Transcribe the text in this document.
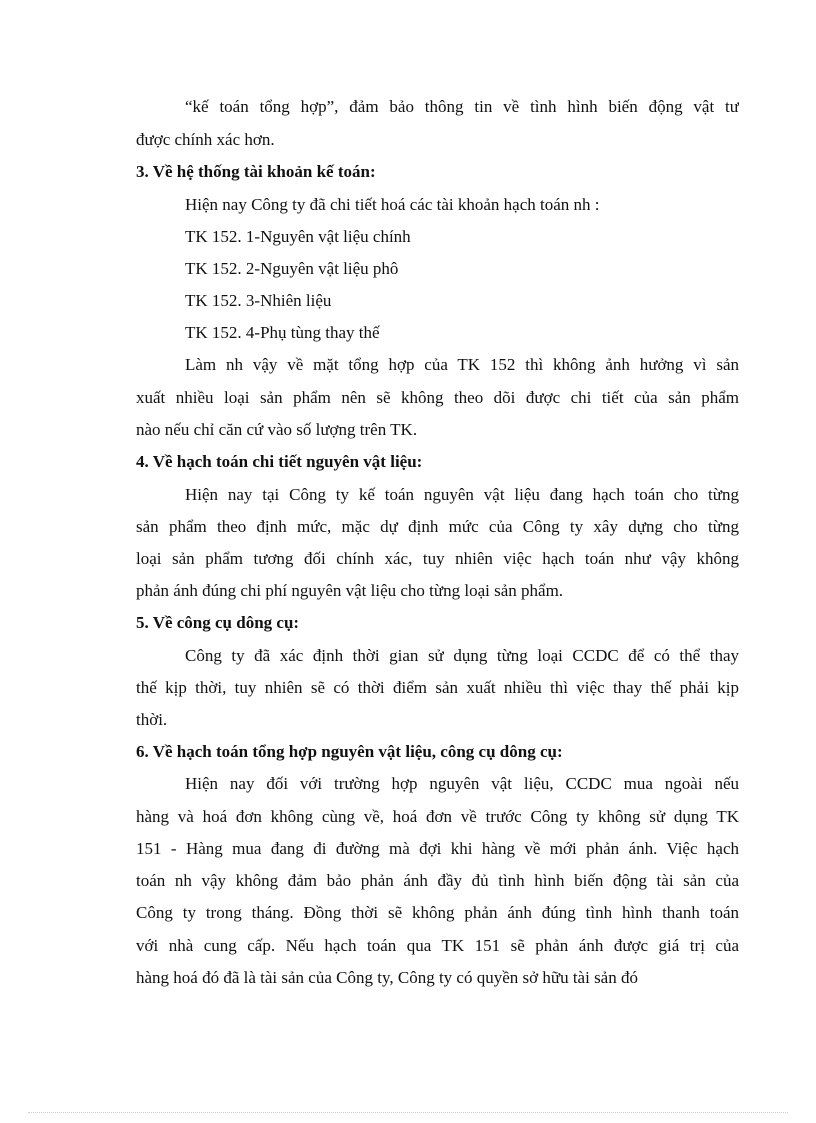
“kế toán tổng hợp”, đảm bảo thông tin về tình hình biến động vật tư
được chính xác hơn.
3. Về hệ thống tài khoản kế toán:
Hiện nay Công ty đã chi tiết hoá các tài khoản hạch toán nh :
TK 152. 1-Nguyên vật liệu chính
TK 152. 2-Nguyên vật liệu phô
TK 152. 3-Nhiên liệu
TK 152. 4-Phụ tùng thay thế
Làm nh vậy về mặt tổng hợp của TK 152 thì không ảnh hưởng vì sản
xuất nhiều loại sản phẩm nên sẽ không theo dõi được chi tiết của sản phẩm
nào nếu chỉ căn cứ vào số lượng trên TK.
4. Về hạch toán chi tiết nguyên vật liệu:
Hiện nay tại Công ty kế toán nguyên vật liệu đang hạch toán cho từng
sản phẩm theo định mức, mặc dự định mức của Công ty xây dựng cho từng
loại sản phẩm tương đối chính xác, tuy nhiên việc hạch toán như vậy không
phản ánh đúng chi phí nguyên vật liệu cho từng loại sản phẩm.
5. Về công cụ dông cụ:
Công ty đã xác định thời gian sử dụng từng loại CCDC để có thể thay
thế kịp thời, tuy nhiên sẽ có thời điểm sản xuất nhiều thì việc thay thế phải kịp
thời.
6. Về hạch toán tổng hợp nguyên vật liệu, công cụ dông cụ:
Hiện nay đối với trường hợp nguyên vật liệu, CCDC mua ngoài nếu
hàng và hoá đơn không cùng về, hoá đơn về trước Công ty không sử dụng TK
151 - Hàng mua đang đi đường mà đợi khi hàng về mới phản ánh. Việc hạch
toán nh vậy không đảm bảo phản ánh đầy đủ tình hình biến động tài sản của
Công ty trong tháng. Đồng thời sẽ không phản ánh đúng tình hình thanh toán
với nhà cung cấp. Nếu hạch toán qua TK 151 sẽ phản ánh được giá trị của
hàng hoá đó đã là tài sản của Công ty, Công ty có quyền sở hữu tài sản đó
